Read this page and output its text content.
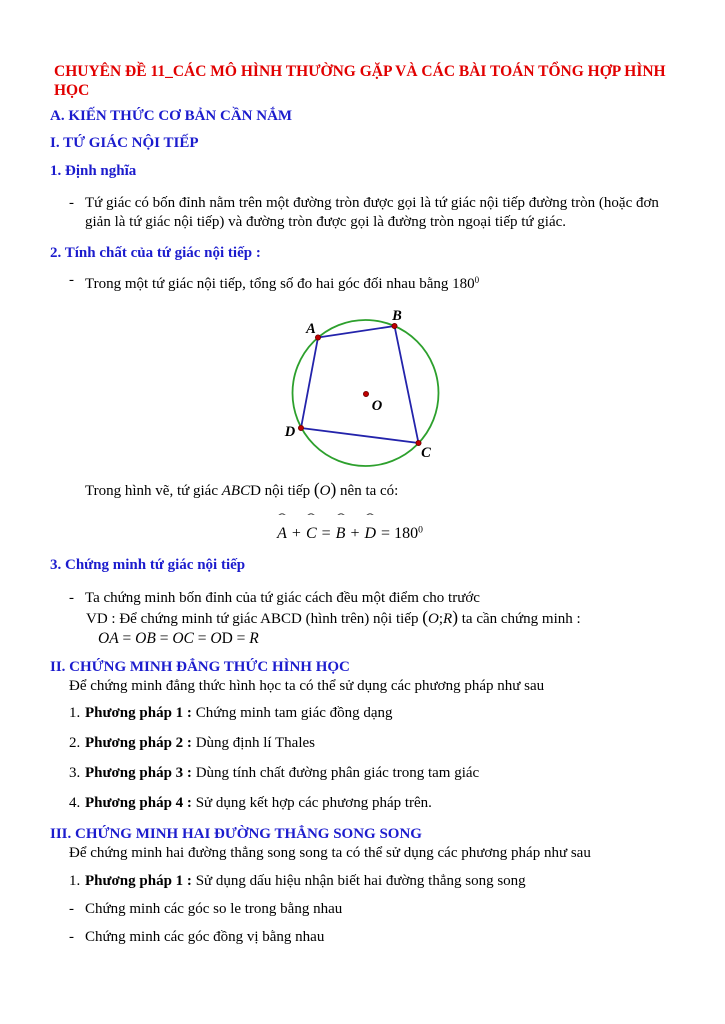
CHUYÊN ĐỀ 11_CÁC MÔ HÌNH THƯỜNG GẶP VÀ CÁC BÀI TOÁN TỔNG HỢP HÌNH HỌC
A. KIẾN THỨC CƠ BẢN CẦN NẮM
I. TỨ GIÁC NỘI TIẾP
1. Định nghĩa
- Tứ giác có bốn đỉnh nằm trên một đường tròn được gọi là tứ giác nội tiếp đường tròn (hoặc đơn giản là tứ giác nội tiếp) và đường tròn được gọi là đường tròn ngoại tiếp tứ giác.
2. Tính chất của tứ giác nội tiếp :
- Trong một tứ giác nội tiếp, tổng số đo hai góc đối nhau bằng $180^0$
A
B
C
D
O

Trong hình vẽ, tứ giác ABCD nội tiếp (O) nên ta có:

ˆ
A +
ˆ
C =
ˆ
B +
ˆ
$D = 180^0$
3. Chứng minh tứ giác nội tiếp
- Ta chứng minh bốn đỉnh của tứ giác cách đều một điểm cho trước

VD : Để chứng minh tứ giác ABCD (hình trên) nội tiếp (O;R) ta cần chứng minh :

OA = OB = OC = OD = R

II. CHỨNG MINH ĐẲNG THỨC HÌNH HỌC

Để chứng minh đẳng thức hình học ta có thể sử dụng các phương pháp như sau

1. Phương pháp 1 : Chứng minh tam giác đồng dạng
2. Phương pháp 2 : Dùng định lí Thales
3. Phương pháp 3 : Dùng tính chất đường phân giác trong tam giác
4. Phương pháp 4 : Sử dụng kết hợp các phương pháp trên.
III. CHỨNG MINH HAI ĐƯỜNG THẲNG SONG SONG

Để chứng minh hai đường thẳng song song ta có thể sử dụng các phương pháp như sau

1. Phương pháp 1 : Sử dụng dấu hiệu nhận biết hai đường thẳng song song
- Chứng minh các góc so le trong bằng nhau
- Chứng minh các góc đồng vị bằng nhau
